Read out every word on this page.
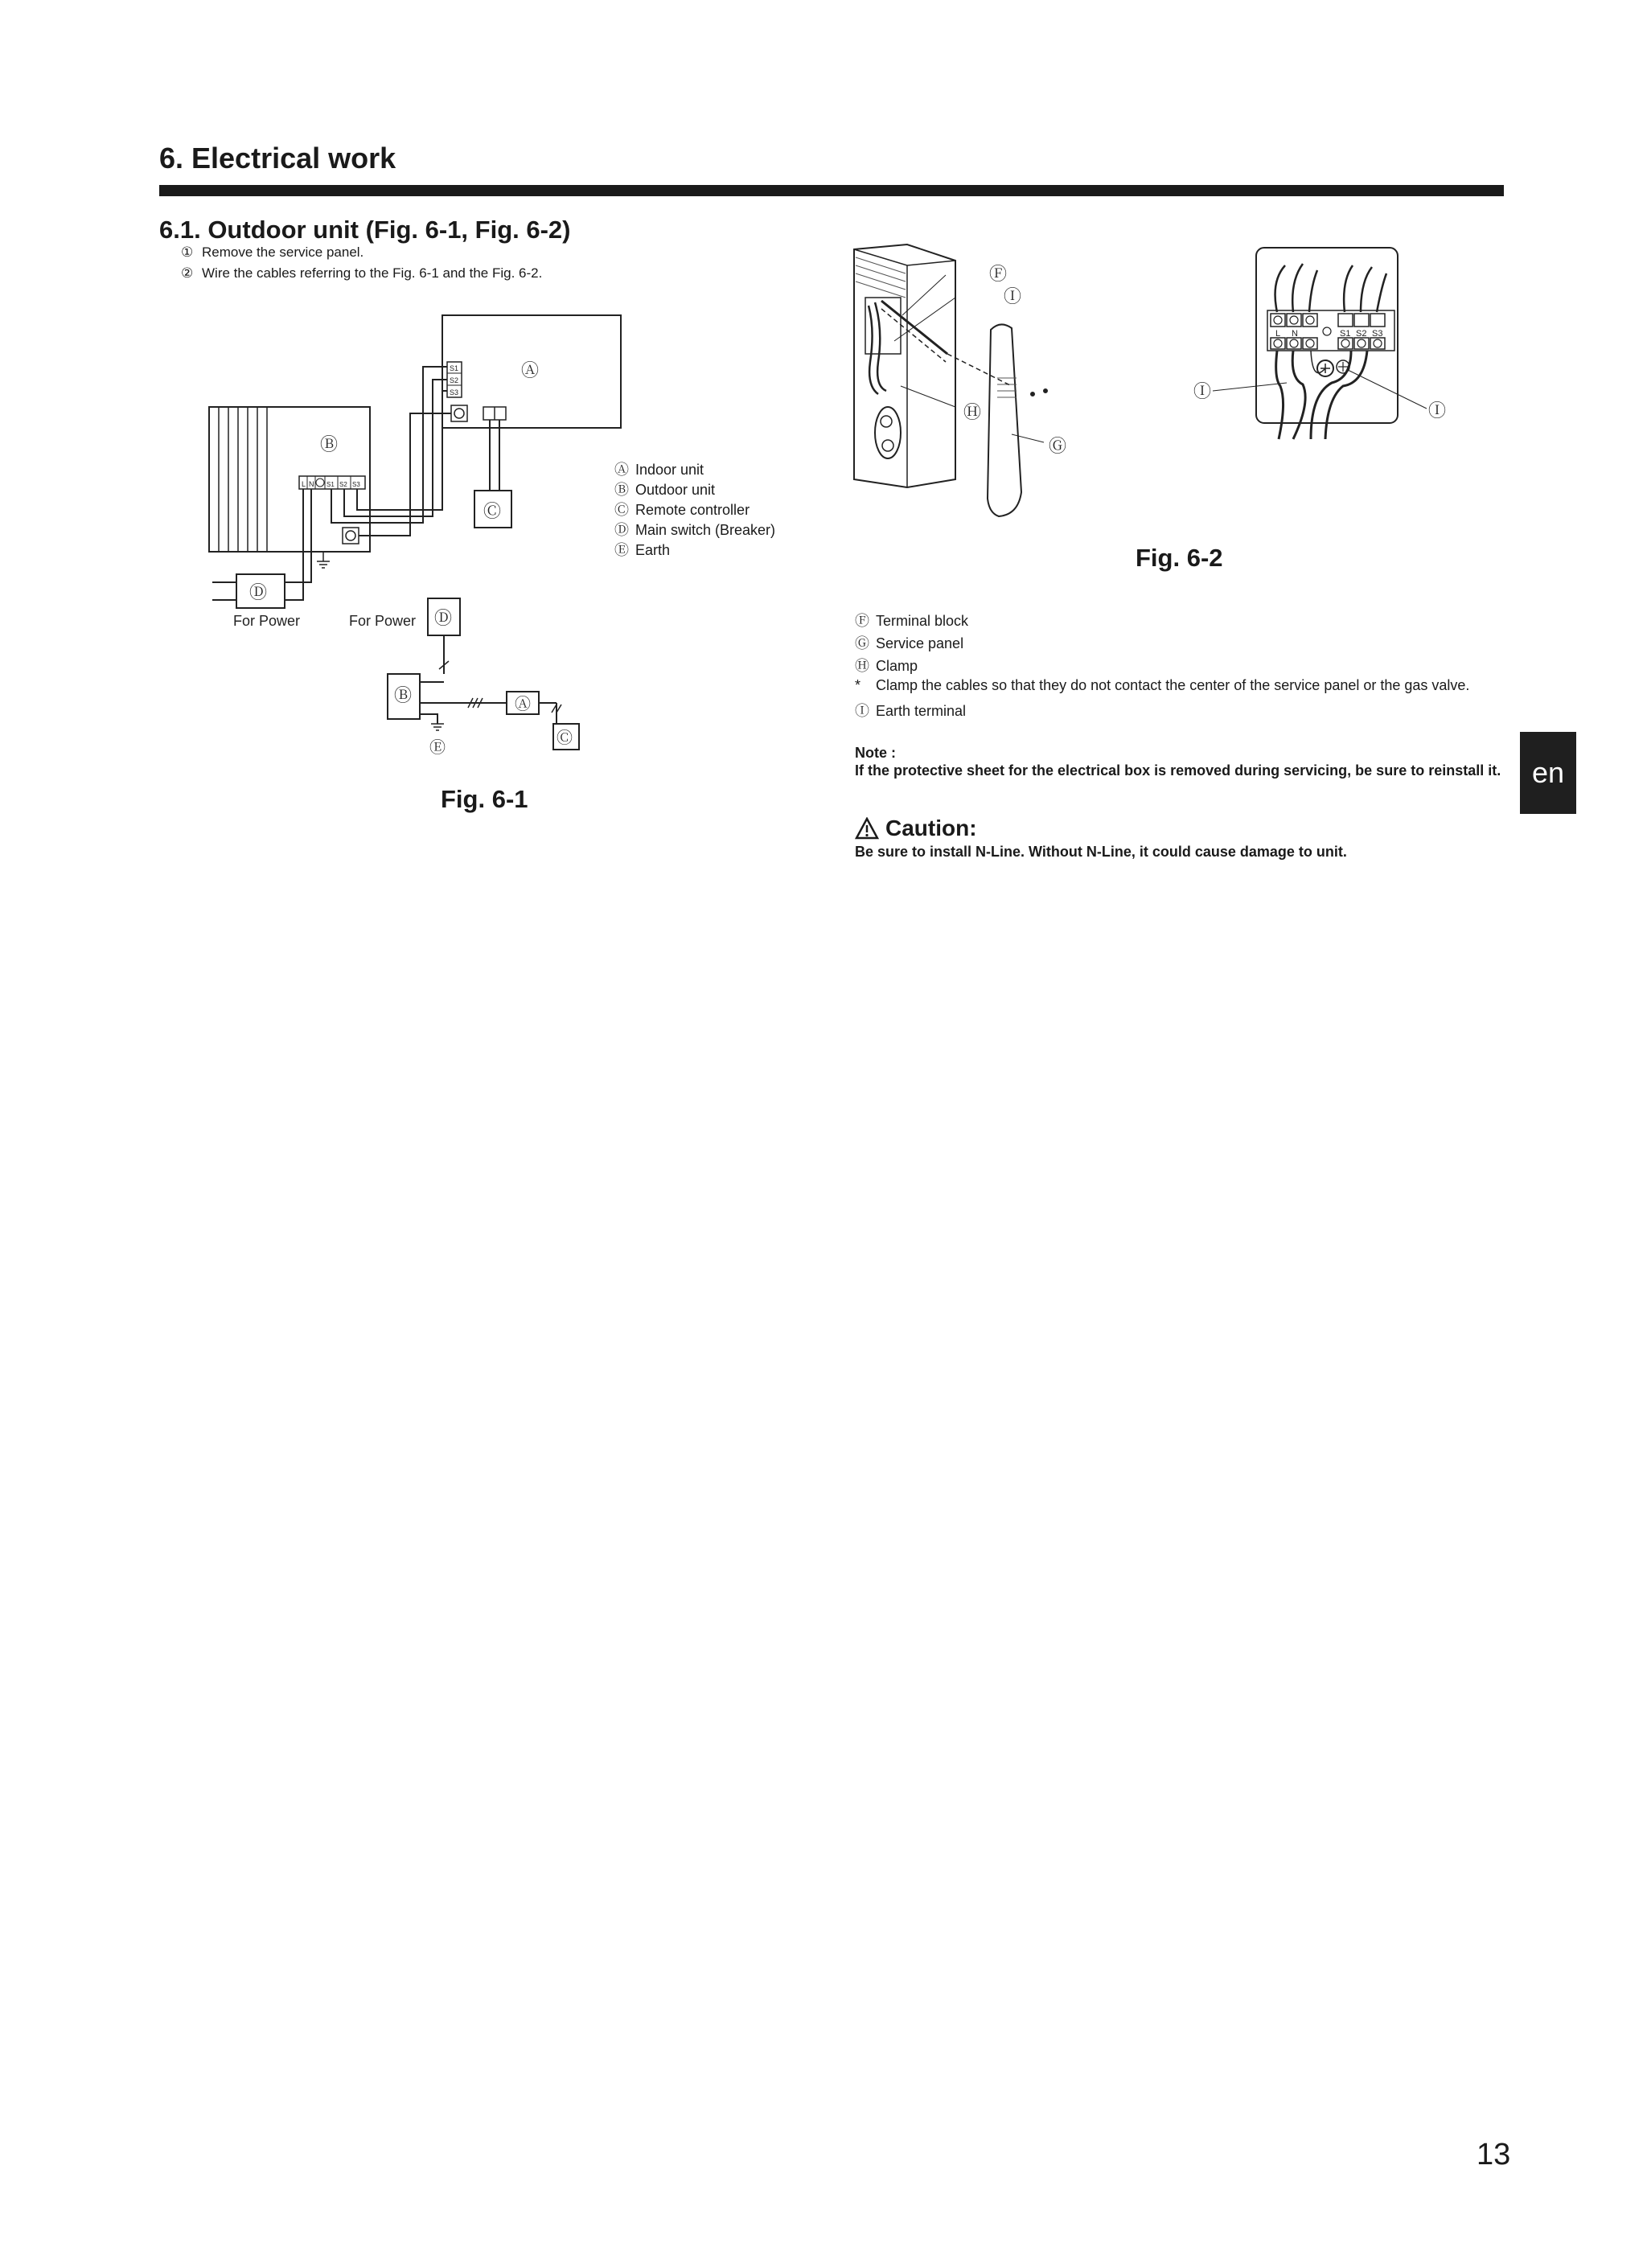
6. Electrical work
6.1. Outdoor unit (Fig. 6-1, Fig. 6-2)
① Remove the service panel.
② Wire the cables referring to the Fig. 6-1 and the Fig. 6-2.
Ⓐ
S1
S2
S3
Ⓑ
L N S1 S2 S3
Ⓒ
Ⓓ
For Power	For Power Ⓓ
Ⓑ	Ⓐ
Ⓒ
Ⓔ
Ⓐ Indoor unit
Ⓑ Outdoor unit
Ⓒ Remote controller
Ⓓ Main switch (Breaker)
Ⓔ Earth
Fig. 6-1
Ⓕ
Ⓘ
Ⓗ
Ⓖ
L N	S1 S2 S3
Ⓘ
Ⓘ
Fig. 6-2
Ⓕ Terminal block
Ⓖ Service panel
Ⓗ Clamp
* Clamp the cables so that they do not contact the center of the service panel or the gas valve.
Ⓘ Earth terminal
Note :
If the protective sheet for the electrical box is removed during servicing, be sure to reinstall it.
Caution:
Be sure to install N-Line. Without N-Line, it could cause damage to unit.
en
13
